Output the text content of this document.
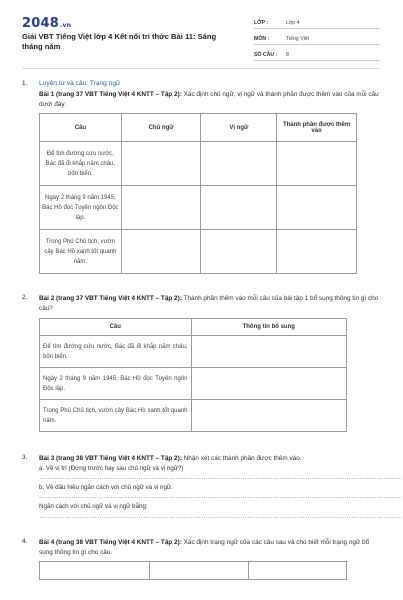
2048.vn
Giải VBT Tiếng Việt lớp 4 Kết nối tri thức Bài 11: Sáng tháng năm
LỚP :	Lớp 4
MÔN :	Tiếng Việt
SỐ CÂU :	8
1. Luyện từ và câu: Trạng ngữ
Bài 1 (trang 37 VBT Tiếng Việt 4 KNTT – Tập 2): Xác định chủ ngữ, vị ngữ và thành phần được thêm vào của mỗi câu dưới đây:
Câu	Chủ ngữ	Vị ngữ	Thành phần được thêm vào
Để tìm đường cứu nước, Bác đã đi khắp năm châu, bốn biển.			
Ngày 2 tháng 9 năm 1945, Bác Hồ đọc Tuyên ngôn Độc lập.			
Trong Phủ Chủ tịch, vườn cây Bác Hồ xanh tốt quanh năm.			
2. Bài 2 (trang 37 VBT Tiếng Việt 4 KNTT – Tập 2): Thành phần thêm vào mỗi câu của bài tập 1 bổ sung thông tin gì cho câu?
Câu	Thông tin bổ sung
Để tìm đường cứu nước, Bác đã đi khắp năm châu, bốn biển.	
Ngày 2 tháng 9 năm 1945, Bác Hồ đọc Tuyên ngôn Độc lập.	
Trong Phủ Chủ tịch, vườn cây Bác Hồ xanh tốt quanh năm.	
3. Bài 3 (trang 38 VBT Tiếng Việt 4 KNTT – Tập 2): Nhận xét các thành phần được thêm vào.
a. Về vị trí (Đứng trước hay sau chủ ngữ và vị ngữ?)
……………………………………………………………………………………………………………………………………………………
b. Về dấu hiệu ngăn cách với chủ ngữ và vị ngữ.
……………………………………………………………………………………………………………………………………………………
Ngăn cách với chủ ngữ và vị ngữ bằng: ……………………………………………………………………………………………………………………………………………………
4. Bài 4 (trang 38 VBT Tiếng Việt 4 KNTT – Tập 2): Xác định trạng ngữ của các câu sau và cho biết mỗi trạng ngữ bổ sung thông tin gì cho câu.
